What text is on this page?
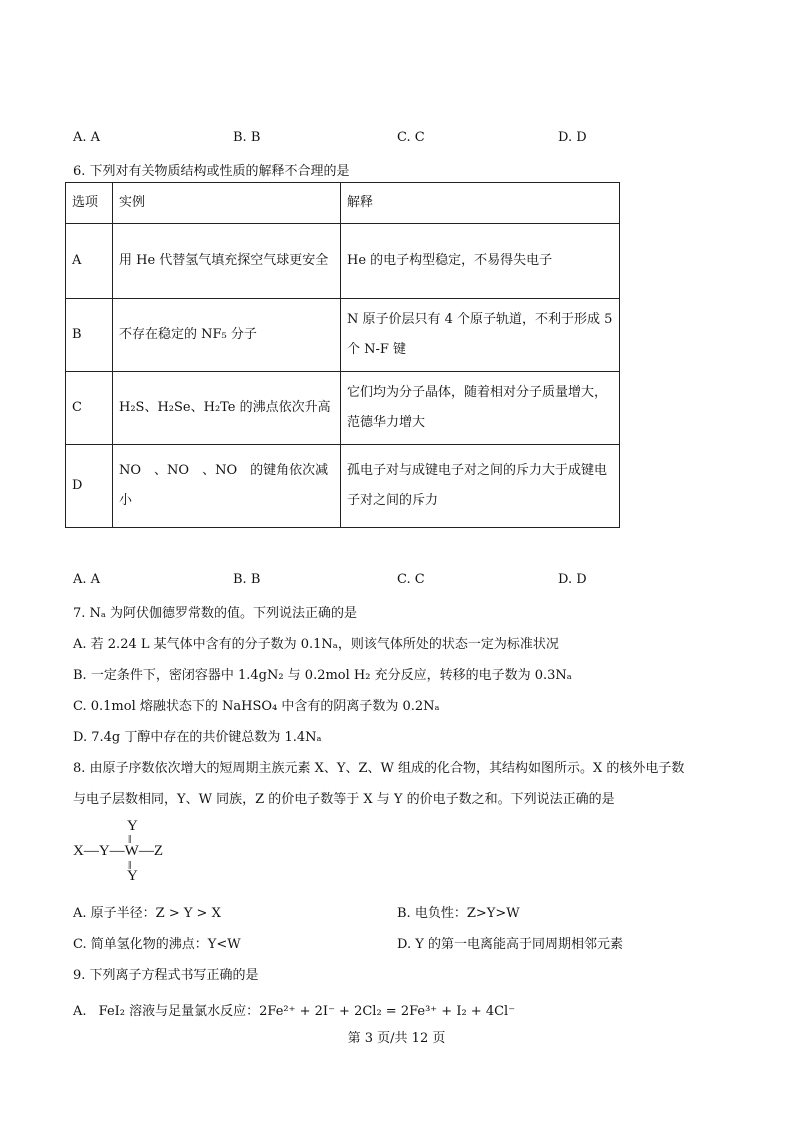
A. A	B. B	C. C	D. D
6. 下列对有关物质结构或性质的解释不合理的是
选项	实例	解释
A	用 He 代替氢气填充探空气球更安全	He 的电子构型稳定，不易得失电子
B	不存在稳定的 NF₅ 分子	N 原子价层只有 4 个原子轨道，不利于形成 5 个 N-F 键
C	H₂S、H₂Se、H₂Te 的沸点依次升高	它们均为分子晶体，随着相对分子质量增大，范德华力增大
D	NO　、NO　、NO　的键角依次减小	孤电子对与成键电子对之间的斥力大于成键电子对之间的斥力
A. A	B. B	C. C	D. D
7. Nₐ 为阿伏伽德罗常数的值。下列说法正确的是
A. 若 2.24 L 某气体中含有的分子数为 0.1Nₐ，则该气体所处的状态一定为标准状况
B. 一定条件下，密闭容器中 1.4gN₂ 与 0.2mol H₂ 充分反应，转移的电子数为 0.3Nₐ
C. 0.1mol 熔融状态下的 NaHSO₄ 中含有的阴离子数为 0.2Nₐ
D. 7.4g 丁醇中存在的共价键总数为 1.4Nₐ
8. 由原子序数依次增大的短周期主族元素 X、Y、Z、W 组成的化合物，其结构如图所示。X 的核外电子数
与电子层数相同，Y、W 同族，Z 的价电子数等于 X 与 Y 的价电子数之和。下列说法正确的是
Y
‖
X—Y—W—Z
‖
Y
A. 原子半径：Z > Y > X	B. 电负性：Z>Y>W
C. 简单氢化物的沸点：Y<W	D. Y 的第一电离能高于同周期相邻元素
9. 下列离子方程式书写正确的是
A. FeI₂ 溶液与足量氯水反应：2Fe²⁺ + 2I⁻ + 2Cl₂ = 2Fe³⁺ + I₂ + 4Cl⁻
第 3 页/共 12 页
